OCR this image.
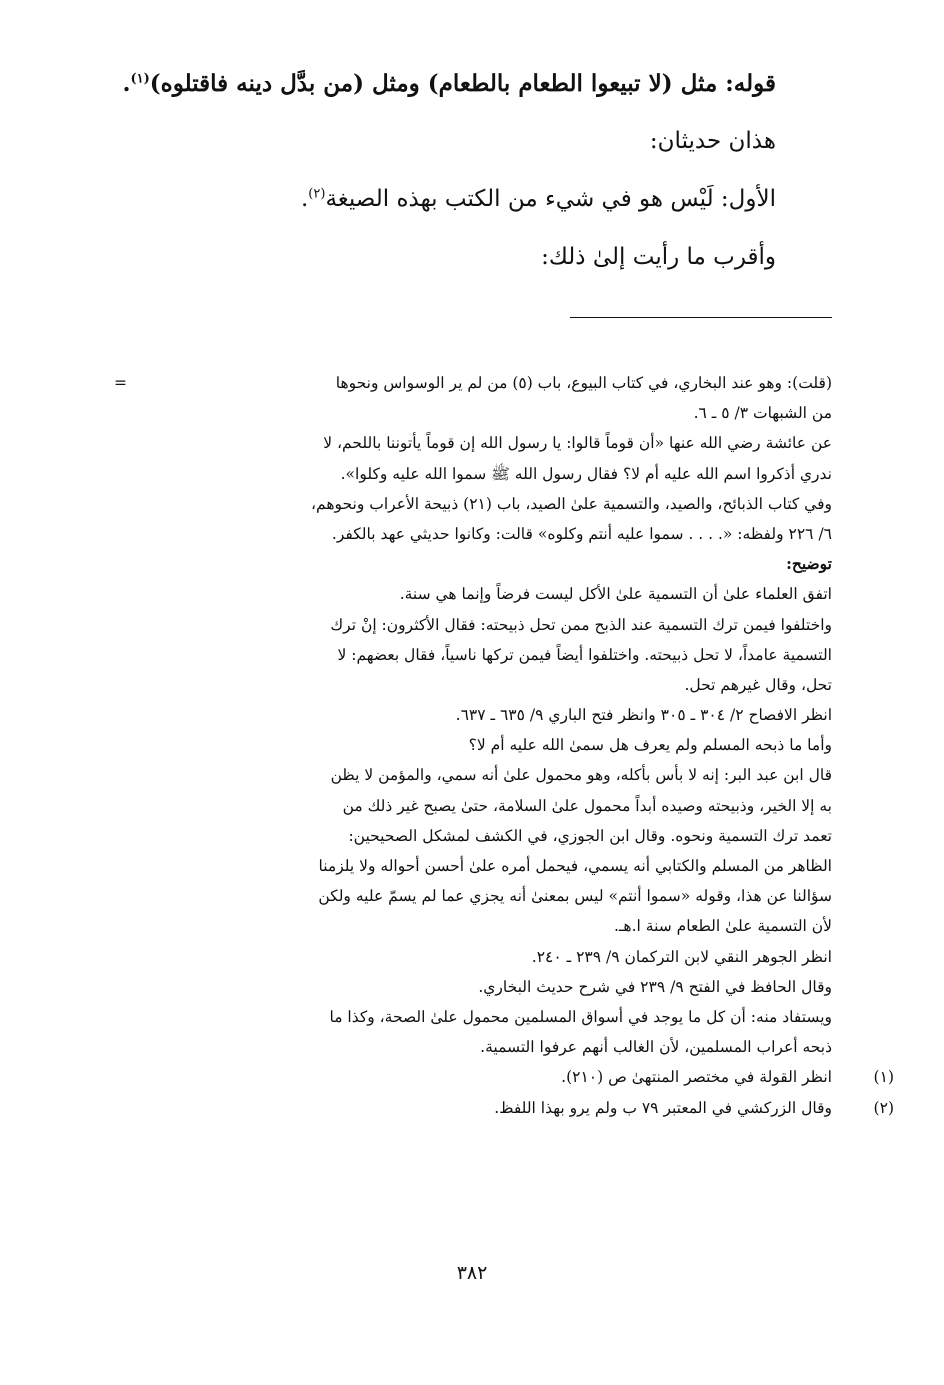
قوله: مثل (لا تبيعوا الطعام بالطعام) ومثل (من بدَّل دينه فاقتلوه)$^{(١)}$.
هذان حديثان:
الأول: لَيْس هو في شيء من الكتب بهذه الصيغة$^{(٢)}$.
وأقرب ما رأيت إلىٰ ذلك:
=	(قلت): وهو عند البخاري، في كتاب البيوع، باب (٥) من لم ير الوسواس ونحوها
من الشبهات ٣/ ٥ ـ ٦.
عن عائشة رضي الله عنها «أن قوماً قالوا: يا رسول الله إن قوماً يأتوننا باللحم، لا
ندري أذكروا اسم الله عليه أم لا؟ فقال رسول الله ﷺ سموا الله عليه وكلوا».
وفي كتاب الذبائح، والصيد، والتسمية علىٰ الصيد، باب (٢١) ذبيحة الأعراب ونحوهم،
٦/ ٢٢٦ ولفظه: «. . . . سموا عليه أنتم وكلوه» قالت: وكانوا حديثي عهد بالكفر.
توضيح:
اتفق العلماء علىٰ أن التسمية علىٰ الأكل ليست فرضاً وإنما هي سنة.
واختلفوا فيمن ترك التسمية عند الذبح ممن تحل ذبيحته: فقال الأكثرون: إنْ ترك
التسمية عامداً، لا تحل ذبيحته. واختلفوا أيضاً فيمن تركها ناسياً، فقال بعضهم: لا
تحل، وقال غيرهم تحل.
انظر الافصاح ٢/ ٣٠٤ ـ ٣٠٥ وانظر فتح الباري ٩/ ٦٣٥ ـ ٦٣٧.
وأما ما ذبحه المسلم ولم يعرف هل سمىٰ الله عليه أم لا؟
قال ابن عبد البر: إنه لا بأس بأكله، وهو محمول علىٰ أنه سمي، والمؤمن لا يظن
به إلا الخير، وذبيحته وصيده أبداً محمول علىٰ السلامة، حتىٰ يصبح غير ذلك من
تعمد ترك التسمية ونحوه. وقال ابن الجوزي، في الكشف لمشكل الصحيحين:
الظاهر من المسلم والكتابي أنه يسمي، فيحمل أمره علىٰ أحسن أحواله ولا يلزمنا
سؤالنا عن هذا، وقوله «سموا أنتم» ليس بمعنىٰ أنه يجزي عما لم يسمّ عليه ولكن
لأن التسمية علىٰ الطعام سنة ا.هـ.
انظر الجوهر النقي لابن التركمان ٩/ ٢٣٩ ـ ٢٤٠.
وقال الحافظ في الفتح ٩/ ٢٣٩ في شرح حديث البخاري.
ويستفاد منه: أن كل ما يوجد في أسواق المسلمين محمول علىٰ الصحة، وكذا ما
ذبحه أعراب المسلمين، لأن الغالب أنهم عرفوا التسمية.
(١)
انظر القولة في مختصر المنتهىٰ ص (٢١٠).
(٢)
وقال الزركشي في المعتبر ٧٩ ب ولم يرو بهذا اللفظ.
٣٨٢
